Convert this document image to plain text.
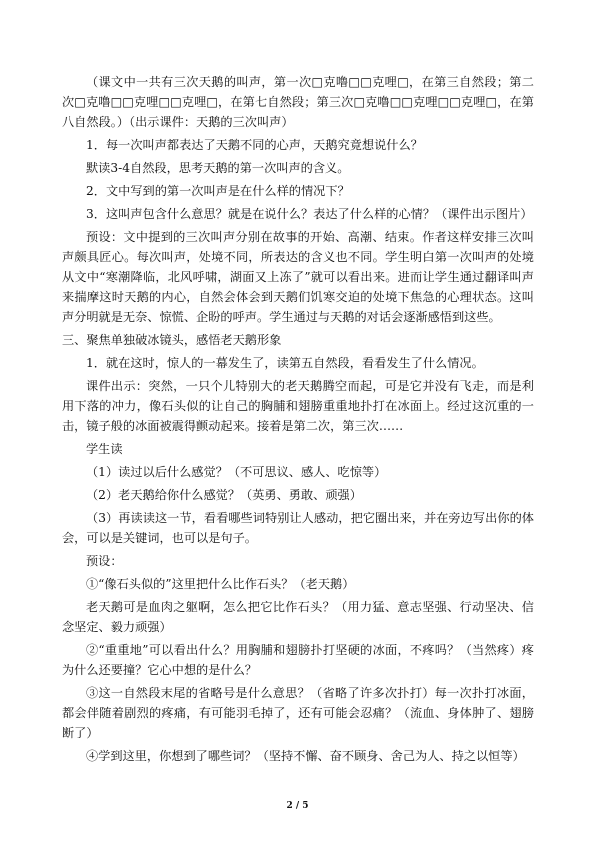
（课文中一共有三次天鹅的叫声，第一次□克噜□□克哩□，在第三自然段；第二次□克噜□□克哩□□克哩□，在第七自然段；第三次□克噜□□克哩□□克哩□，在第八自然段。）（出示课件：天鹅的三次叫声）

1．每一次叫声都表达了天鹅不同的心声，天鹅究竟想说什么？

默读3-4自然段，思考天鹅的第一次叫声的含义。

2．文中写到的第一次叫声是在什么样的情况下？

3．这叫声包含什么意思？就是在说什么？表达了什么样的心情？（课件出示图片）

预设：文中提到的三次叫声分别在故事的开始、高潮、结束。作者这样安排三次叫声颇具匠心。每次叫声，处境不同，所表达的含义也不同。学生明白第一次叫声的处境从文中“寒潮降临，北风呼啸，湖面又上冻了”就可以看出来。进而让学生通过翻译叫声来揣摩这时天鹅的内心，自然会体会到天鹅们饥寒交迫的处境下焦急的心理状态。这叫声分明就是无奈、惊慌、企盼的呼声。学生通过与天鹅的对话会逐渐感悟到这些。

三、聚焦单独破冰镜头，感悟老天鹅形象

1．就在这时，惊人的一幕发生了，读第五自然段，看看发生了什么情况。

课件出示：突然，一只个儿特别大的老天鹅腾空而起，可是它并没有飞走，而是利用下落的冲力，像石头似的让自己的胸脯和翅膀重重地扑打在冰面上。经过这沉重的一击，镜子般的冰面被震得颤动起来。接着是第二次，第三次……

学生读

（1）读过以后什么感觉？（不可思议、感人、吃惊等）

（2）老天鹅给你什么感觉？（英勇、勇敢、顽强）

（3）再读读这一节，看看哪些词特别让人感动，把它圈出来，并在旁边写出你的体会，可以是关键词，也可以是句子。

预设：

①“像石头似的”这里把什么比作石头？（老天鹅）

老天鹅可是血肉之躯啊，怎么把它比作石头？（用力猛、意志坚强、行动坚决、信念坚定、毅力顽强）

②“重重地”可以看出什么？用胸脯和翅膀扑打坚硬的冰面，不疼吗？（当然疼）疼为什么还要撞？它心中想的是什么？

③这一自然段末尾的省略号是什么意思？（省略了许多次扑打）每一次扑打冰面，都会伴随着剧烈的疼痛，有可能羽毛掉了，还有可能会忍痛？（流血、身体肿了、翅膀断了）

④学到这里，你想到了哪些词？（坚持不懈、奋不顾身、舍己为人、持之以恒等）

2 / 5
